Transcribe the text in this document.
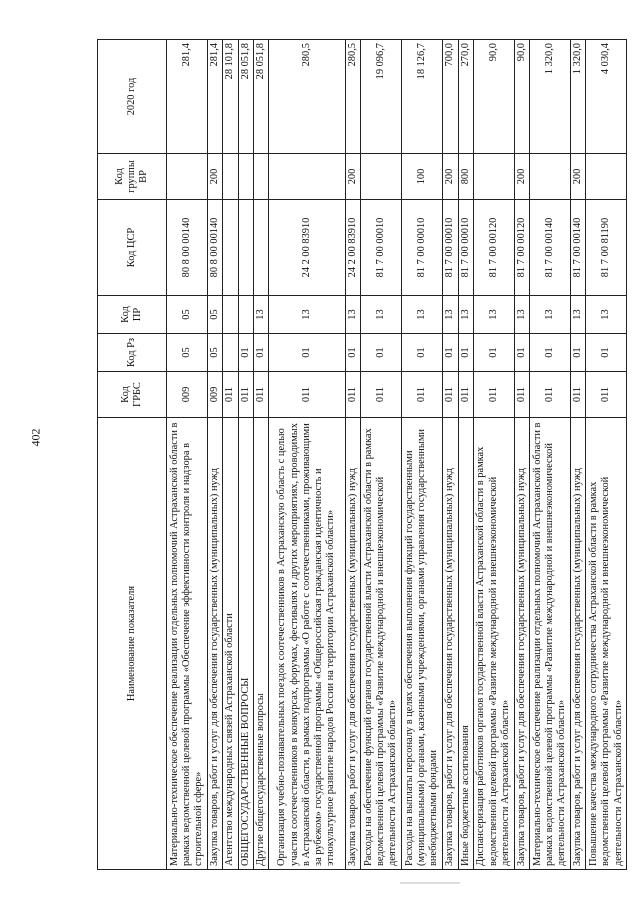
402
Наименование показателя	Код ГРБС	Код Рз	Код ПР	Код ЦСР	Код группы ВР	2020 год
Материально-техническое обеспечение реализации отдельных полномочий Астраханской области в рамках ведомственной целевой программы «Обеспечение эффективности контроля и надзора в строительной сфере»	009	05	05	80 8 00 00140		281,4
Закупка товаров, работ и услуг для обеспечения государственных (муниципальных) нужд	009	05	05	80 8 00 00140	200	281,4
Агентство международных связей Астраханской области	011					28 101,8
ОБЩЕГОСУДАРСТВЕННЫЕ ВОПРОСЫ	011	01				28 051,8
Другие общегосударственные вопросы	011	01	13			28 051,8
Организация учебно-познавательных поездок соотечественников в Астраханскую область с целью участия соотечественников в конкурсах, форумах, фестивалях и других мероприятиях, проводимых в Астраханской области, в рамках подпрограммы «О работе с соотечественниками, проживающими за рубежом» государственной программы «Общероссийская гражданская идентичность и этнокультурное развитие народов России на территории Астраханской области»	011	01	13	24 2 00 83910		280,5
Закупка товаров, работ и услуг для обеспечения государственных (муниципальных) нужд	011	01	13	24 2 00 83910	200	280,5
Расходы на обеспечение функций органов государственной власти Астраханской области в рамках ведомственной целевой программы «Развитие международной и внешнеэкономической деятельности Астраханской области»	011	01	13	81 7 00 00010		19 096,7
Расходы на выплаты персоналу в целях обеспечения выполнения функций государственными (муниципальными) органами, казенными учреждениями, органами управления государственными внебюджетными фондами	011	01	13	81 7 00 00010	100	18 126,7
Закупка товаров, работ и услуг для обеспечения государственных (муниципальных) нужд	011	01	13	81 7 00 00010	200	700,0
Иные бюджетные ассигнования	011	01	13	81 7 00 00010	800	270,0
Диспансеризация работников органов государственной власти Астраханской области в рамках ведомственной целевой программы «Развитие международной и внешнеэкономической деятельности Астраханской области»	011	01	13	81 7 00 00120		90,0
Закупка товаров, работ и услуг для обеспечения государственных (муниципальных) нужд	011	01	13	81 7 00 00120	200	90,0
Материально-техническое обеспечение реализации отдельных полномочий Астраханской области в рамках ведомственной целевой программы «Развитие международной и внешнеэкономической деятельности Астраханской области»	011	01	13	81 7 00 00140		1 320,0
Закупка товаров, работ и услуг для обеспечения государственных (муниципальных) нужд	011	01	13	81 7 00 00140	200	1 320,0
Повышение качества международного сотрудничества Астраханской области в рамках ведомственной целевой программы «Развитие международной и внешнеэкономической деятельности Астраханской области»	011	01	13	81 7 00 81190		4 030,4
